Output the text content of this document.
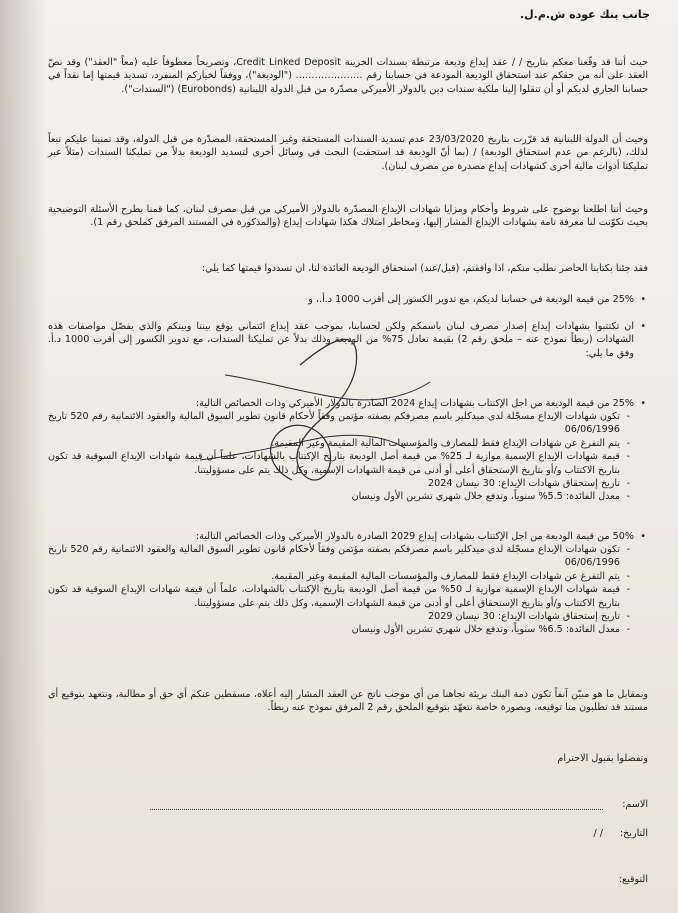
جانب بنك عوده ش.م.ل.
حيث أننا قد وقّعنا معكم بتاريخ / / عقد إيداع وديعة مرتبطة بسندات الخزينة Credit Linked Deposit، وتصريحاً معطوفاً عليه (معاً "العقد") وقد نصّ العقد على أنه من حقكم عند استحقاق الوديعة المودعة في حسابنا رقم ………………… ("الوديعة")، ووفقاً لخياركم المنفرد، تسديد قيمتها إما نقداً في حسابنا الجاري لديكم أو أن تنقلوا إلينا ملكية سندات دين بالدولار الأميركي مصدّرة من قبل الدولة اللبنانية (Eurobonds) ("السندات").
وحيث أن الدولة اللبنانية قد قرّرت بتاريخ 23/03/2020 عدم تسديد السندات المستحقة وغير المستحقة، المصدّرة من قبل الدولة، وقد تمنينا عليكم تبعاً لذلك، (بالرغم من عدم استحقاق الوديعة) / (بما أنّ الوديعة قد استحقت) البحث في وسائل أخرى لتسديد الوديعة بدلاً من تمليكنا السندات (مثلاً عبر تمليكنا أدوات مالية أخرى كشهادات إيداع مصدرة من مصرف لبنان).
وحيث أننا اطلعنا بوضوح على شروط وأحكام ومزايا شهادات الإيداع المصدّرة بالدولار الأميركي من قبل مصرف لبنان، كما قمنا بطرح الأسئلة التوضيحية بحيث تكوّنت لنا معرفة تامة بشهادات الإيداع المشار إليها، ومخاطر امتلاك هكذا شهادات إيداع (والمذكورة في المستند المرفق كملحق رقم 1).
فقد جئنا بكتابنا الحاضر نطلب منكم، اذا وافقتم، (قبل/عند) استحقاق الوديعة العائدة لنا، ان تسددوا قيمتها كما يلي:
• 25% من قيمة الوديعة في حسابنا لديكم، مع تدوير الكسور إلى أقرب 1000 د.أ.، و
• ان تكتتبوا بشهادات إيداع إصدار مصرف لبنان باسمكم ولكن لحسابنا، بموجب عقد إيداع ائتماني يوقع بيننا وبينكم والذي يفصّل مواصفات هذه الشهادات (ربطاً نموذج عنه – ملحق رقم 2) بقيمة تعادل 75% من الوديعة وذلك بدلاً عن تمليكنا السندات، مع تدوير الكسور إلى أقرب 1000 د.أ. وفق ما يلي:
• 25% من قيمة الوديعة من اجل الإكتتاب بشهادات إيداع 2024 الصادرة بالدولار الأميركي وذات الخصائص التالية:
- تكون شهادات الإيداع مسجّلة لدى ميدكلير باسم مصرفكم بصفته مؤتمن وفقاً لأحكام قانون تطوير السوق المالية والعقود الائتمانية رقم 520 تاريخ 06/06/1996
- يتم التفرغ عن شهادات الإيداع فقط للمصارف والمؤسسات المالية المقيمة وغير المقيمة.
- قيمة شهادات الإيداع الإسمية موازية لـ 25% من قيمة أصل الوديعة بتاريخ الإكتتاب بالشهادات، علماً أن قيمة شهادات الإيداع السوقية قد تكون بتاريخ الاكتتاب و/أو بتاريخ الإستحقاق أعلى أو أدنى من قيمة الشهادات الإسمية، وكل ذلك يتم على مسؤوليتنا.
- تاريخ إستحقاق شهادات الإيداع: 30 نيسان 2024
- معدل الفائدة: 5.5% سنوياً، وتدفع خلال شهري تشرين الأول ونيسان
• 50% من قيمة الوديعة من اجل الإكتتاب بشهادات إيداع 2029 الصادرة بالدولار الأميركي وذات الخصائص التالية:
- تكون شهادات الإيداع مسجّلة لدى ميدكلير باسم مصرفكم بصفته مؤتمن وفقاً لأحكام قانون تطوير السوق المالية والعقود الائتمانية رقم 520 تاريخ 06/06/1996
- يتم التفرغ عن شهادات الإيداع فقط للمصارف والمؤسسات المالية المقيمة وغير المقيمة.
- قيمة شهادات الإيداع الإسمية موازية لـ 50% من قيمة أصل الوديعة بتاريخ الإكتتاب بالشهادات، علماً أن قيمة شهادات الإيداع السوقية قد تكون بتاريخ الاكتتاب و/أو بتاريخ الإستحقاق أعلى أو أدنى من قيمة الشهادات الإسمية، وكل ذلك يتم على مسؤوليتنا.
- تاريخ إستحقاق شهادات الإيداع: 30 نيسان 2029
- معدل الفائدة: 6.5% سنوياً، وتدفع خلال شهري تشرين الأول ونيسان
وبمقابل ما هو مبيّن آنفاً تكون ذمة البنك بريئة تجاهنا من أي موجب ناتج عن العقد المشار إليه أعلاه، مسقطين عنكم أي حق أو مطالبة، ونتعهد بتوقيع أي مستند قد تطلبون منا توقيعه، وبصورة خاصة نتعهّد بتوقيع الملحق رقم 2 المرفق نموذج عنه ربطاً.
وتفضلوا بقبول الاحترام
الاسم:
التاريخ:
/ /
التوقيع:
